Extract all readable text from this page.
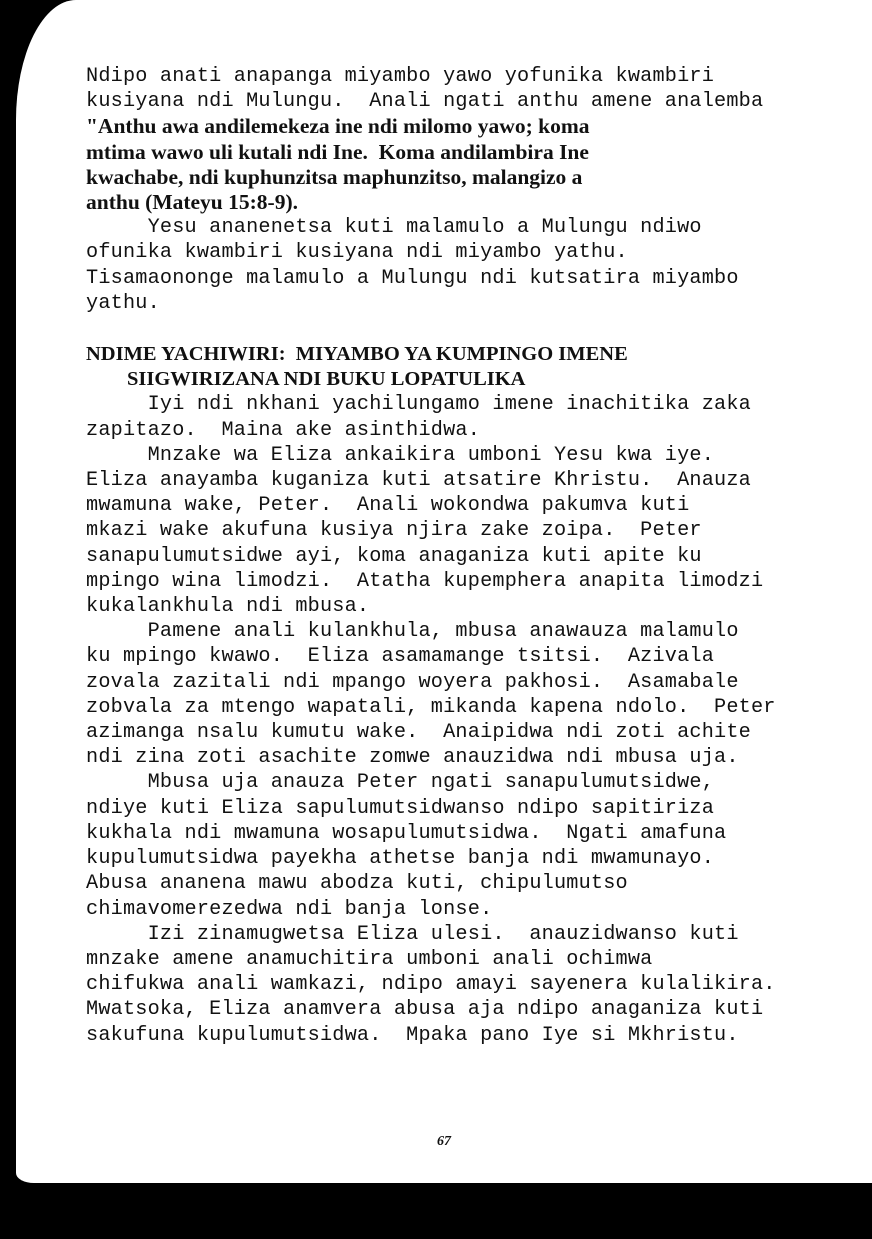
Ndipo anati anapanga miyambo yawo yofunika kwambiri

kusiyana ndi Mulungu.  Anali ngati anthu amene analemba

"Anthu awa andilemekeza ine ndi milomo yawo; koma

mtima wawo uli kutali ndi Ine.  Koma andilambira Ine

kwachabe, ndi kuphunzitsa maphunzitso, malangizo a

anthu (Mateyu 15:8-9).

Yesu ananenetsa kuti malamulo a Mulungu ndiwo

ofunika kwambiri kusiyana ndi miyambo yathu.

Tisamaononge malamulo a Mulungu ndi kutsatira miyambo

yathu.

NDIME YACHIWIRI:  MIYAMBO YA KUMPINGO IMENE

SIIGWIRIZANA NDI BUKU LOPATULIKA

Iyi ndi nkhani yachilungamo imene inachitika zaka

zapitazo.  Maina ake asinthidwa.

Mnzake wa Eliza ankaikira umboni Yesu kwa iye.

Eliza anayamba kuganiza kuti atsatire Khristu.  Anauza

mwamuna wake, Peter.  Anali wokondwa pakumva kuti

mkazi wake akufuna kusiya njira zake zoipa.  Peter

sanapulumutsidwe ayi, koma anaganiza kuti apite ku

mpingo wina limodzi.  Atatha kupemphera anapita limodzi

kukalankhula ndi mbusa.

Pamene anali kulankhula, mbusa anawauza malamulo

ku mpingo kwawo.  Eliza asamamange tsitsi.  Azivala

zovala zazitali ndi mpango woyera pakhosi.  Asamabale

zobvala za mtengo wapatali, mikanda kapena ndolo.  Peter

azimanga nsalu kumutu wake.  Anaipidwa ndi zoti achite

ndi zina zoti asachite zomwe anauzidwa ndi mbusa uja.

Mbusa uja anauza Peter ngati sanapulumutsidwe,

ndiye kuti Eliza sapulumutsidwanso ndipo sapitiriza

kukhala ndi mwamuna wosapulumutsidwa.  Ngati amafuna

kupulumutsidwa payekha athetse banja ndi mwamunayo.

Abusa ananena mawu abodza kuti, chipulumutso

chimavomerezedwa ndi banja lonse.

Izi zinamugwetsa Eliza ulesi.  anauzidwanso kuti

mnzake amene anamuchitira umboni anali ochimwa

chifukwa anali wamkazi, ndipo amayi sayenera kulalikira.

Mwatsoka, Eliza anamvera abusa aja ndipo anaganiza kuti

sakufuna kupulumutsidwa.  Mpaka pano Iye si Mkhristu.

67
